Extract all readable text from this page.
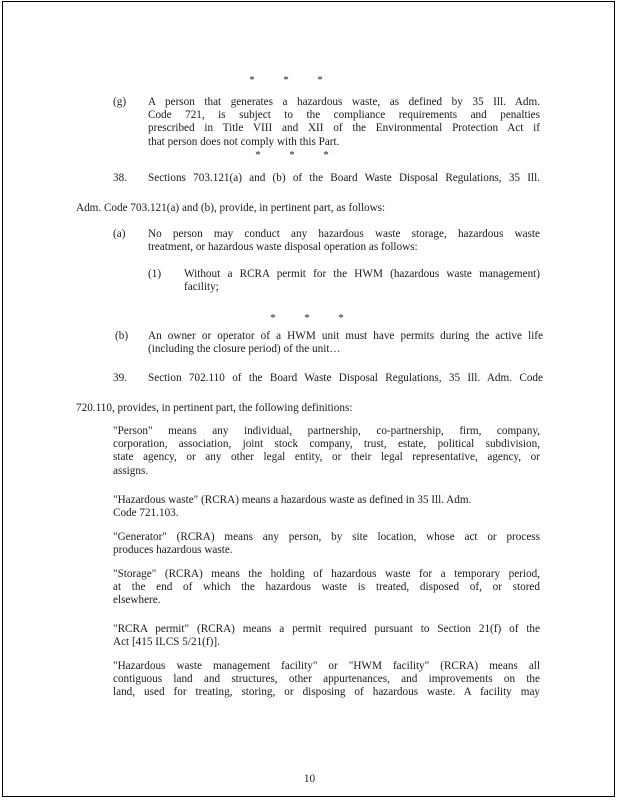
*	*	*
(g) A person that generates a hazardous waste, as defined by 35 Ill. Adm.
Code 721, is subject to the compliance requirements and penalties
prescribed in Title VIII and XII of the Environmental Protection Act if
that person does not comply with this Part.
*	*	*
38. Sections 703.121(a) and (b) of the Board Waste Disposal Regulations, 35 Ill.
Adm. Code 703.121(a) and (b), provide, in pertinent part, as follows:
(a) No person may conduct any hazardous waste storage, hazardous waste
treatment, or hazardous waste disposal operation as follows:
(1) Without a RCRA permit for the HWM (hazardous waste management)
facility;
*	*	*
(b) An owner or operator of a HWM unit must have permits during the active life
(including the closure period) of the unit…
39. Section 702.110 of the Board Waste Disposal Regulations, 35 Ill. Adm. Code
720.110, provides, in pertinent part, the following definitions:
"Person" means any individual, partnership, co-partnership, firm, company,
corporation, association, joint stock company, trust, estate, political subdivision,
state agency, or any other legal entity, or their legal representative, agency, or
assigns.
"Hazardous waste" (RCRA) means a hazardous waste as defined in 35 Ill. Adm.
Code 721.103.
"Generator" (RCRA) means any person, by site location, whose act or process
produces hazardous waste.
"Storage" (RCRA) means the holding of hazardous waste for a temporary period,
at the end of which the hazardous waste is treated, disposed of, or stored
elsewhere.
"RCRA permit" (RCRA) means a permit required pursuant to Section 21(f) of the
Act [415 ILCS 5/21(f)].
"Hazardous waste management facility" or "HWM facility" (RCRA) means all
contiguous land and structures, other appurtenances, and improvements on the
land, used for treating, storing, or disposing of hazardous waste. A facility may
10
